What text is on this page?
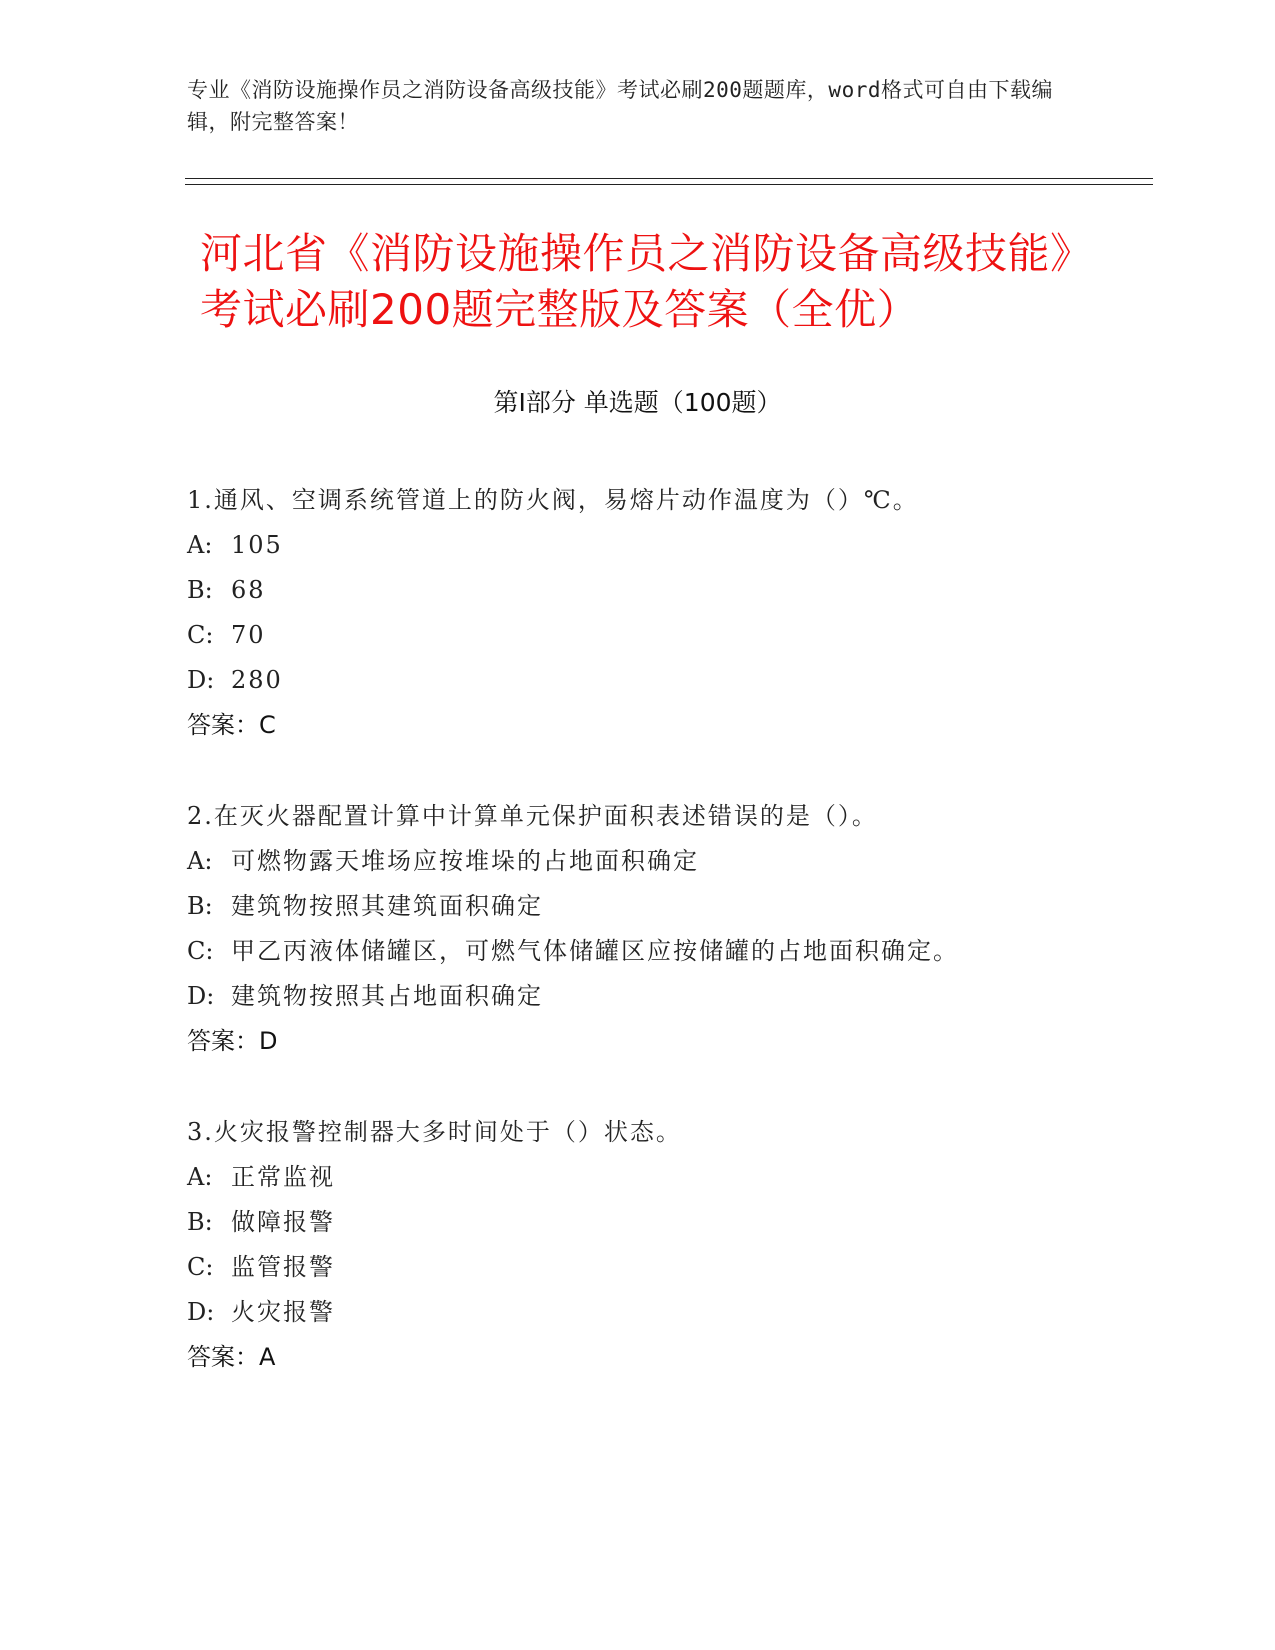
专业《消防设施操作员之消防设备高级技能》考试必刷200题题库，word格式可自由下载编辑，附完整答案！
河北省《消防设施操作员之消防设备高级技能》考试必刷200题完整版及答案（全优）
第Ⅰ部分 单选题（100题）
1.通风、空调系统管道上的防火阀，易熔片动作温度为（）℃。
A: 105
B: 68
C: 70
D: 280
答案：C
2.在灭火器配置计算中计算单元保护面积表述错误的是（）。
A: 可燃物露天堆场应按堆垛的占地面积确定
B: 建筑物按照其建筑面积确定
C: 甲乙丙液体储罐区，可燃气体储罐区应按储罐的占地面积确定。
D: 建筑物按照其占地面积确定
答案：D
3.火灾报警控制器大多时间处于（）状态。
A: 正常监视
B: 做障报警
C: 监管报警
D: 火灾报警
答案：A
